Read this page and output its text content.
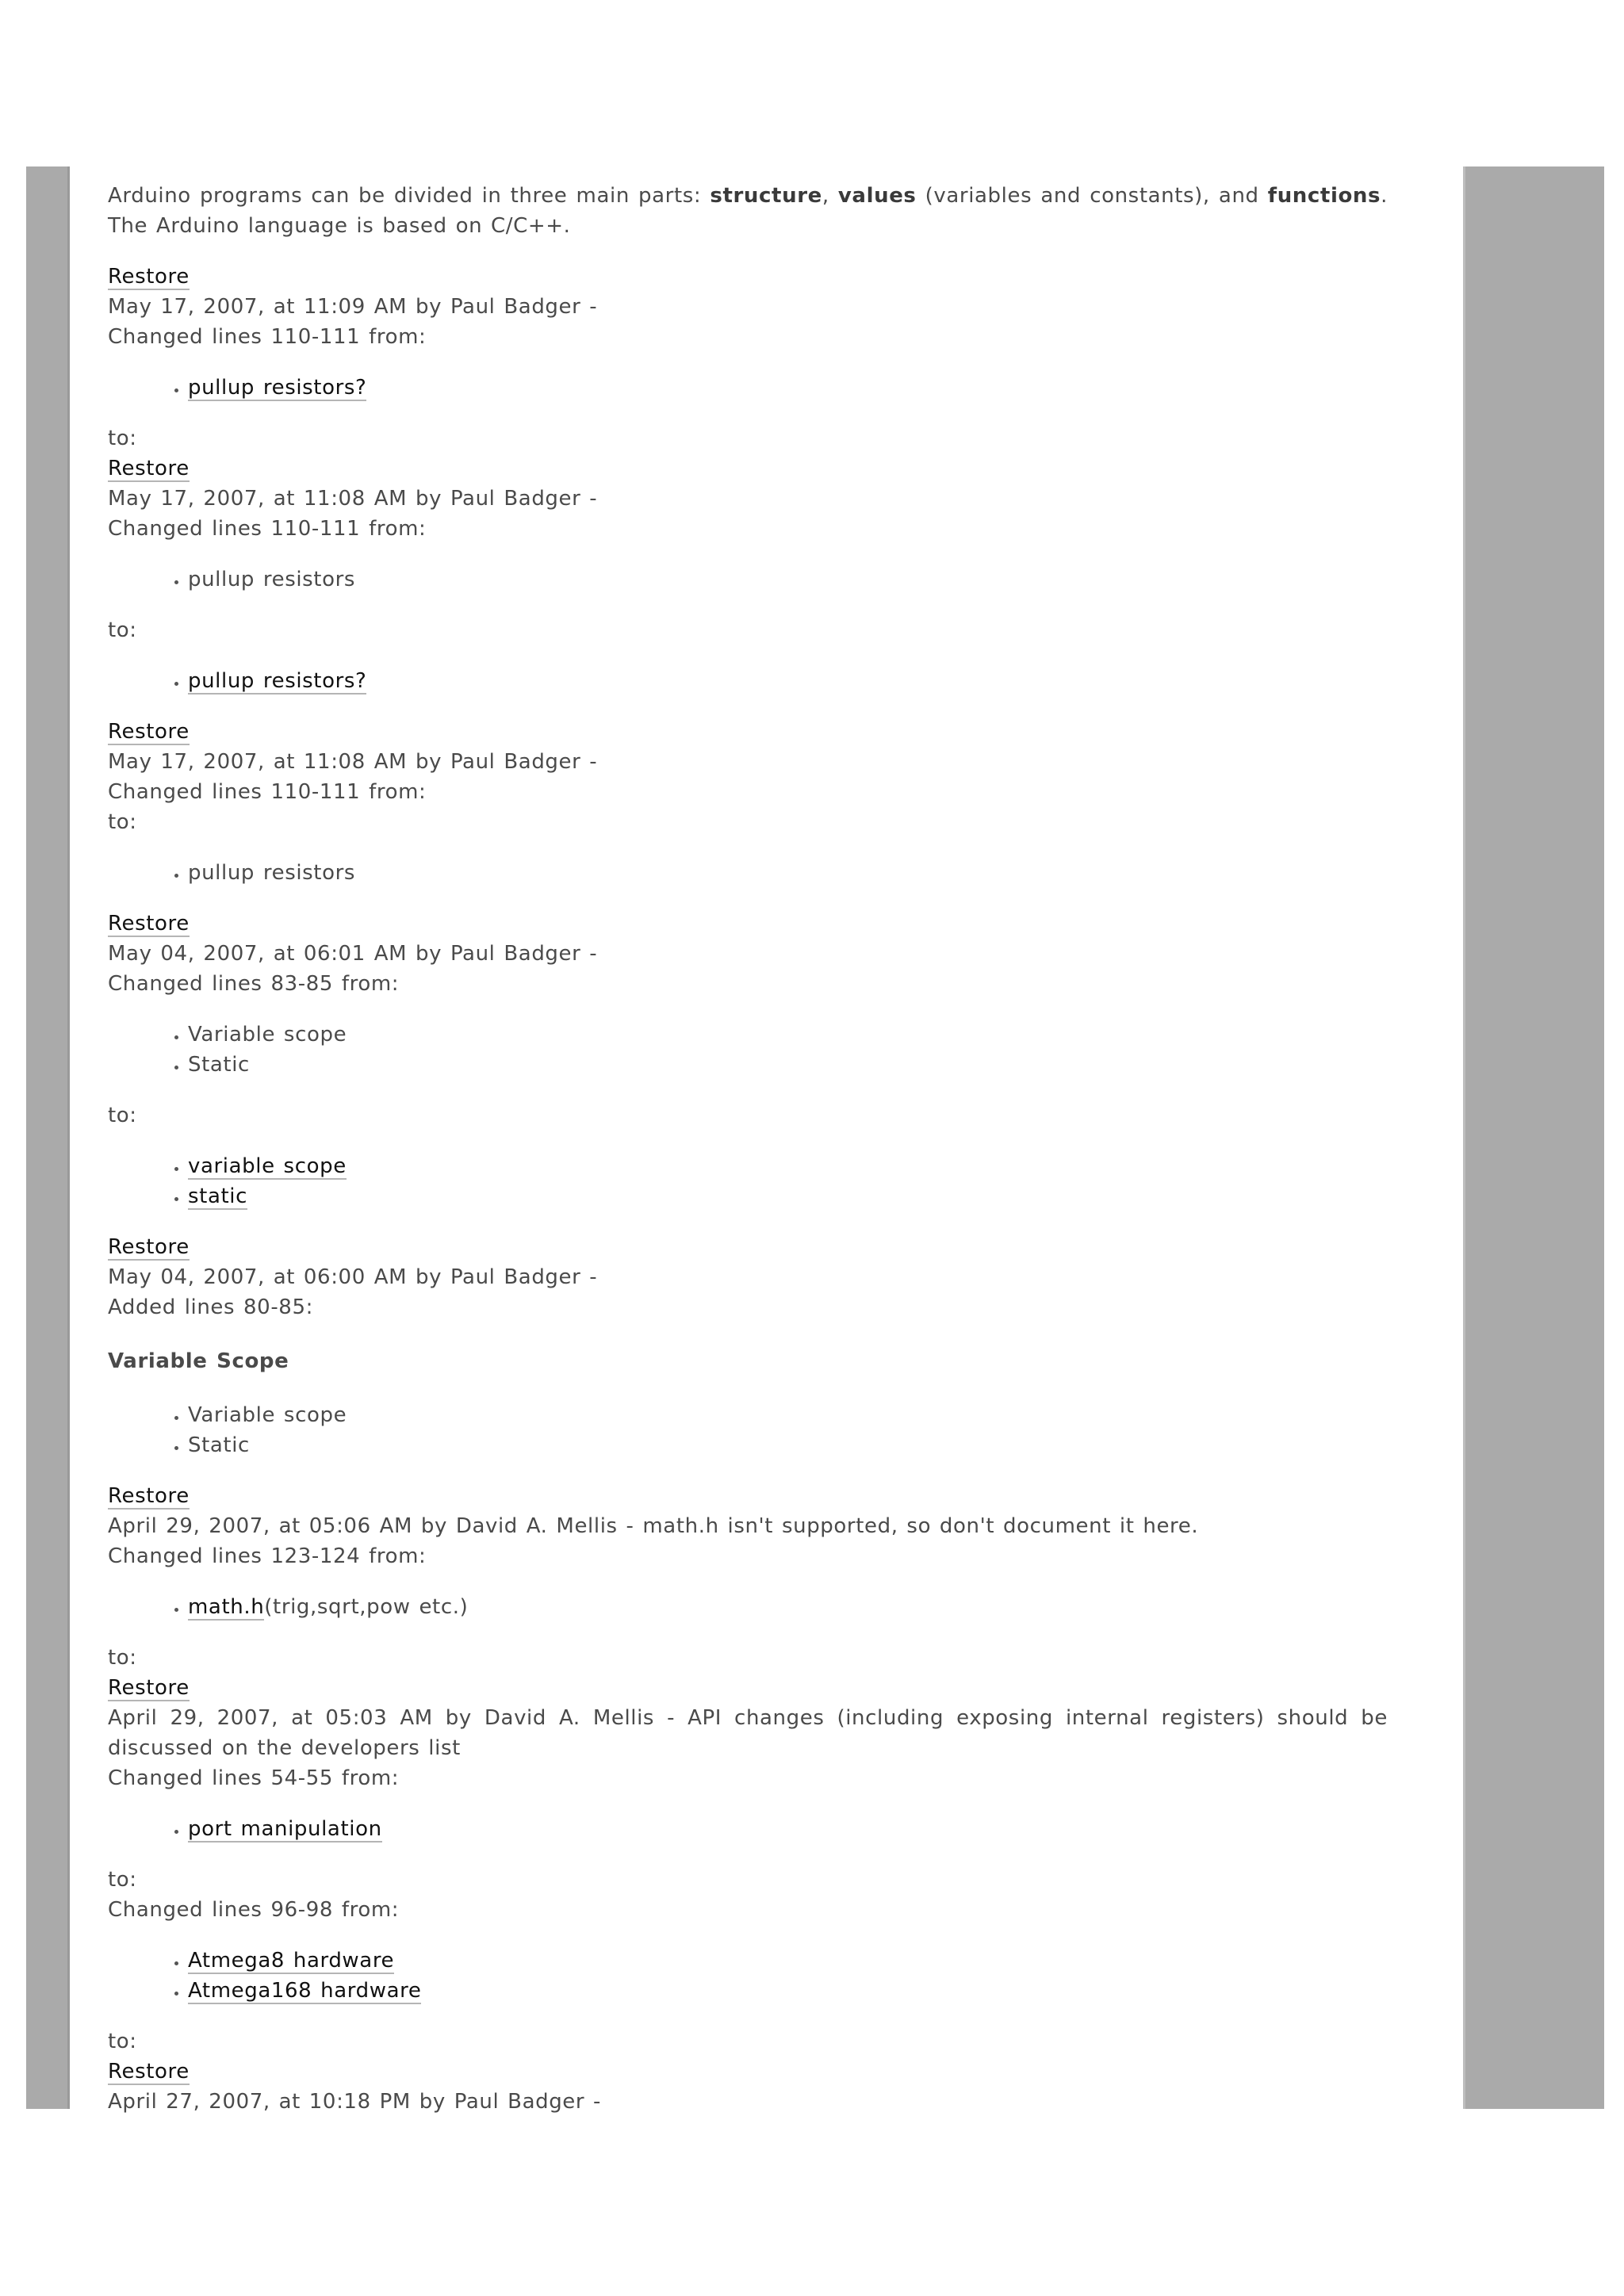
Arduino programs can be divided in three main parts: structure, values (variables and constants), and functions. The Arduino language is based on C/C++.

Restore
May 17, 2007, at 11:09 AM by Paul Badger -
Changed lines 110-111 from:
• pullup resistors?
to:
Restore
May 17, 2007, at 11:08 AM by Paul Badger -
Changed lines 110-111 from:
• pullup resistors
to:
• pullup resistors?
Restore
May 17, 2007, at 11:08 AM by Paul Badger -
Changed lines 110-111 from:
to:
• pullup resistors
Restore
May 04, 2007, at 06:01 AM by Paul Badger -
Changed lines 83-85 from:
• Variable scope
• Static
to:
• variable scope
• static
Restore
May 04, 2007, at 06:00 AM by Paul Badger -
Added lines 80-85:

Variable Scope

• Variable scope
• Static
Restore
April 29, 2007, at 05:06 AM by David A. Mellis - math.h isn't supported, so don't document it here.
Changed lines 123-124 from:
• math.h(trig,sqrt,pow etc.)
to:
Restore
April 29, 2007, at 05:03 AM by David A. Mellis - API changes (including exposing internal registers) should be discussed on the developers list
Changed lines 54-55 from:
• port manipulation
to:
Changed lines 96-98 from:
• Atmega8 hardware
• Atmega168 hardware
to:
Restore
April 27, 2007, at 10:18 PM by Paul Badger -
